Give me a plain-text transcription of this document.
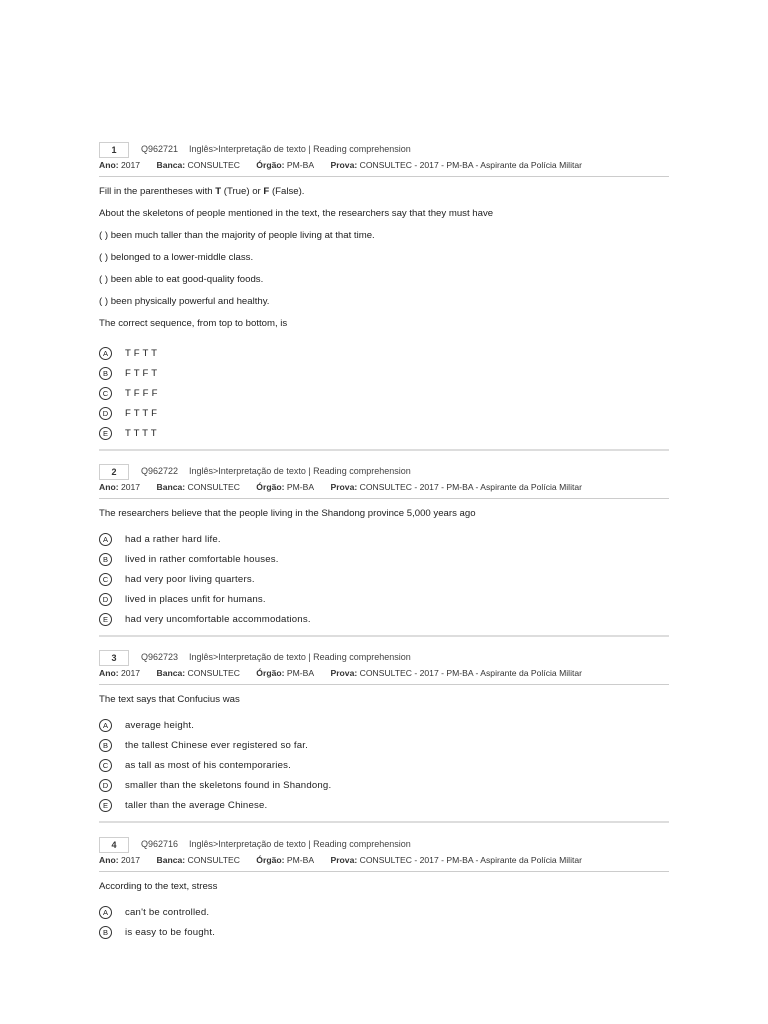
1	Q962721 Inglês>Interpretação de texto | Reading comprehension
Ano: 2017 Banca: CONSULTEC Órgão: PM-BA Prova: CONSULTEC - 2017 - PM-BA - Aspirante da Polícia Militar

Fill in the parentheses with T (True) or F (False).

About the skeletons of people mentioned in the text, the researchers say that they must have

( ) been much taller than the majority of people living at that time.

( ) belonged to a lower-middle class.

( ) been able to eat good-quality foods.

( ) been physically powerful and healthy.

The correct sequence, from top to bottom, is

A	T F T T
B	F T F T
C	T F F F
D	F T T F
E	T T T T
2	Q962722 Inglês>Interpretação de texto | Reading comprehension
Ano: 2017 Banca: CONSULTEC Órgão: PM-BA Prova: CONSULTEC - 2017 - PM-BA - Aspirante da Polícia Militar

The researchers believe that the people living in the Shandong province 5,000 years ago

A	had a rather hard life.
B	lived in rather comfortable houses.
C	had very poor living quarters.
D	lived in places unﬁt for humans.
E	had very uncomfortable accommodations.
3	Q962723 Inglês>Interpretação de texto | Reading comprehension
Ano: 2017 Banca: CONSULTEC Órgão: PM-BA Prova: CONSULTEC - 2017 - PM-BA - Aspirante da Polícia Militar

The text says that Confucius was

A	average height.
B	the tallest Chinese ever registered so far.
C	as tall as most of his contemporaries.
D	smaller than the skeletons found in Shandong.
E	taller than the average Chinese.
4	Q962716 Inglês>Interpretação de texto | Reading comprehension
Ano: 2017 Banca: CONSULTEC Órgão: PM-BA Prova: CONSULTEC - 2017 - PM-BA - Aspirante da Polícia Militar

According to the text, stress

A	can't be controlled.
B	is easy to be fought.
